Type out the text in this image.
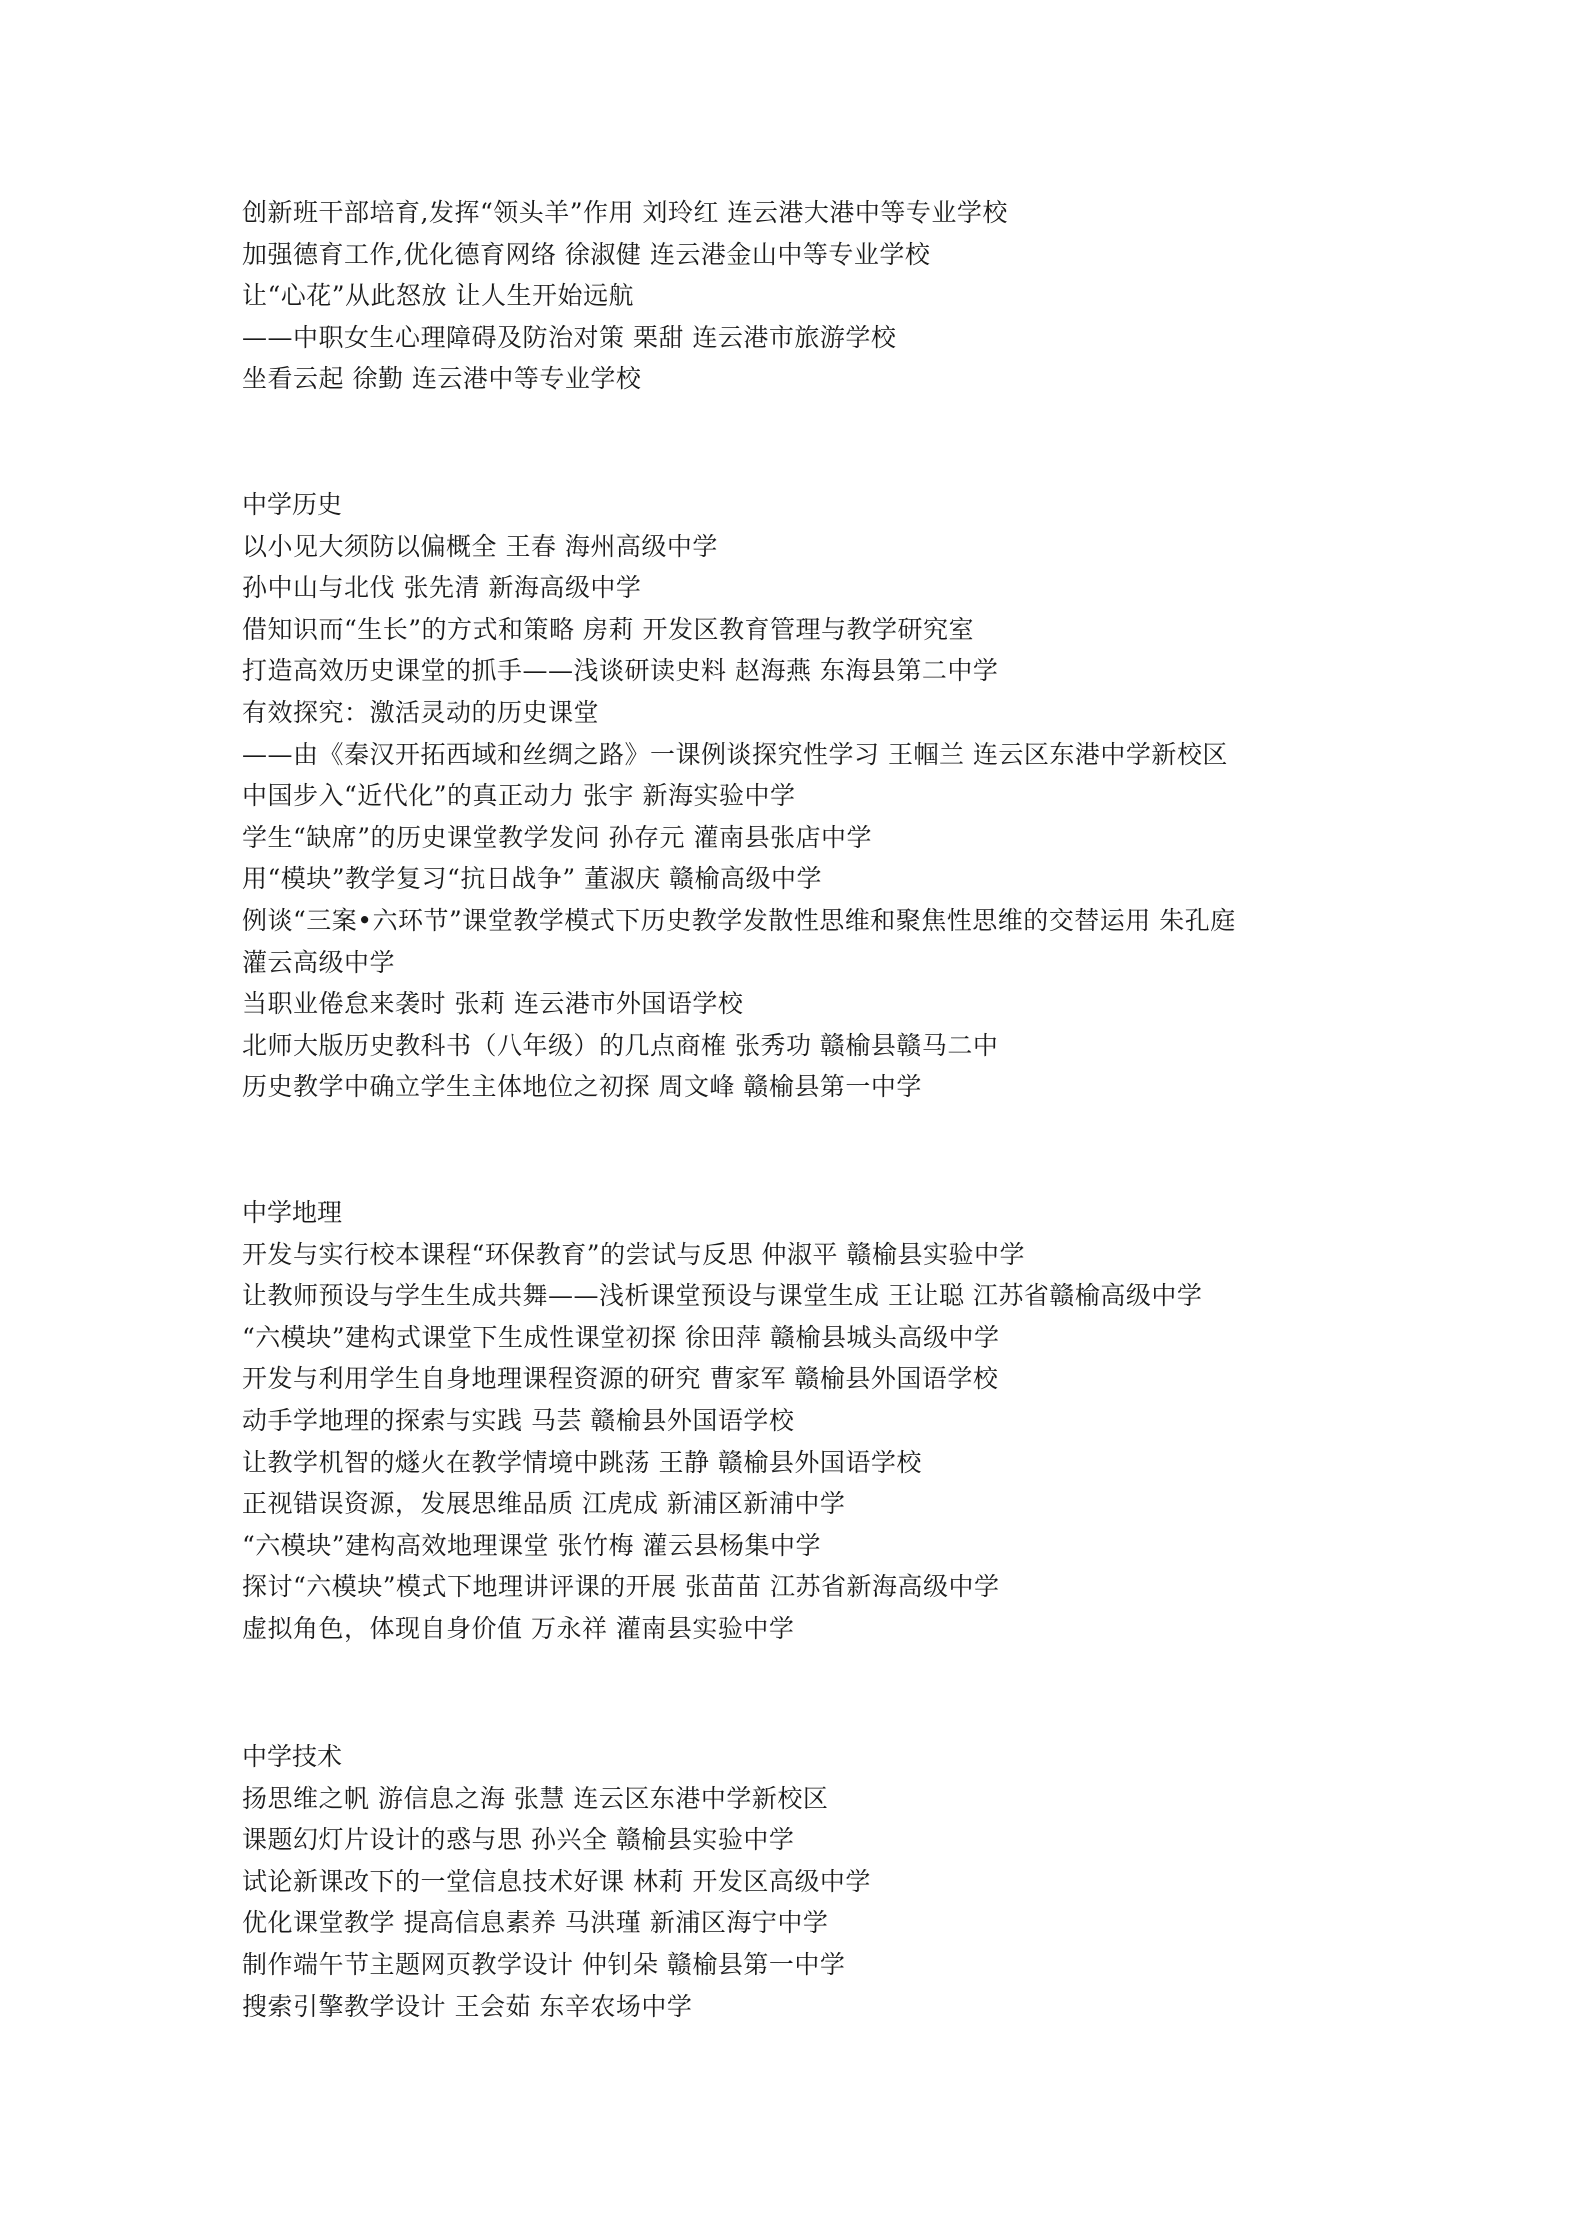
创新班干部培育,发挥“领头羊”作用 刘玲红 连云港大港中等专业学校
加强德育工作,优化德育网络 徐淑健 连云港金山中等专业学校
让“心花”从此怒放 让人生开始远航
——中职女生心理障碍及防治对策 栗甜 连云港市旅游学校
坐看云起 徐勤 连云港中等专业学校
中学历史
以小见大须防以偏概全 王春 海州高级中学
孙中山与北伐 张先清 新海高级中学
借知识而“生长”的方式和策略 房莉 开发区教育管理与教学研究室
打造高效历史课堂的抓手——浅谈研读史料 赵海燕 东海县第二中学
有效探究：激活灵动的历史课堂
——由《秦汉开拓西域和丝绸之路》一课例谈探究性学习 王帼兰 连云区东港中学新校区
中国步入“近代化”的真正动力 张宇 新海实验中学
学生“缺席”的历史课堂教学发问 孙存元 灌南县张店中学
用“模块”教学复习“抗日战争” 董淑庆 赣榆高级中学
例谈“三案•六环节”课堂教学模式下历史教学发散性思维和聚焦性思维的交替运用 朱孔庭
灌云高级中学
当职业倦怠来袭时 张莉 连云港市外国语学校
北师大版历史教科书（八年级）的几点商榷 张秀功 赣榆县赣马二中
历史教学中确立学生主体地位之初探 周文峰 赣榆县第一中学
中学地理
开发与实行校本课程“环保教育”的尝试与反思 仲淑平 赣榆县实验中学
让教师预设与学生生成共舞——浅析课堂预设与课堂生成 王让聪 江苏省赣榆高级中学
“六模块”建构式课堂下生成性课堂初探 徐田萍 赣榆县城头高级中学
开发与利用学生自身地理课程资源的研究 曹家军 赣榆县外国语学校
动手学地理的探索与实践 马芸 赣榆县外国语学校
让教学机智的燧火在教学情境中跳荡 王静 赣榆县外国语学校
正视错误资源，发展思维品质 江虎成 新浦区新浦中学
“六模块”建构高效地理课堂 张竹梅 灌云县杨集中学
探讨“六模块”模式下地理讲评课的开展 张苗苗 江苏省新海高级中学
虚拟角色，体现自身价值 万永祥 灌南县实验中学
中学技术
扬思维之帆 游信息之海 张慧 连云区东港中学新校区
课题幻灯片设计的惑与思 孙兴全 赣榆县实验中学
试论新课改下的一堂信息技术好课 林莉 开发区高级中学
优化课堂教学 提高信息素养 马洪瑾 新浦区海宁中学
制作端午节主题网页教学设计 仲钊朵 赣榆县第一中学
搜索引擎教学设计 王会茹 东辛农场中学
